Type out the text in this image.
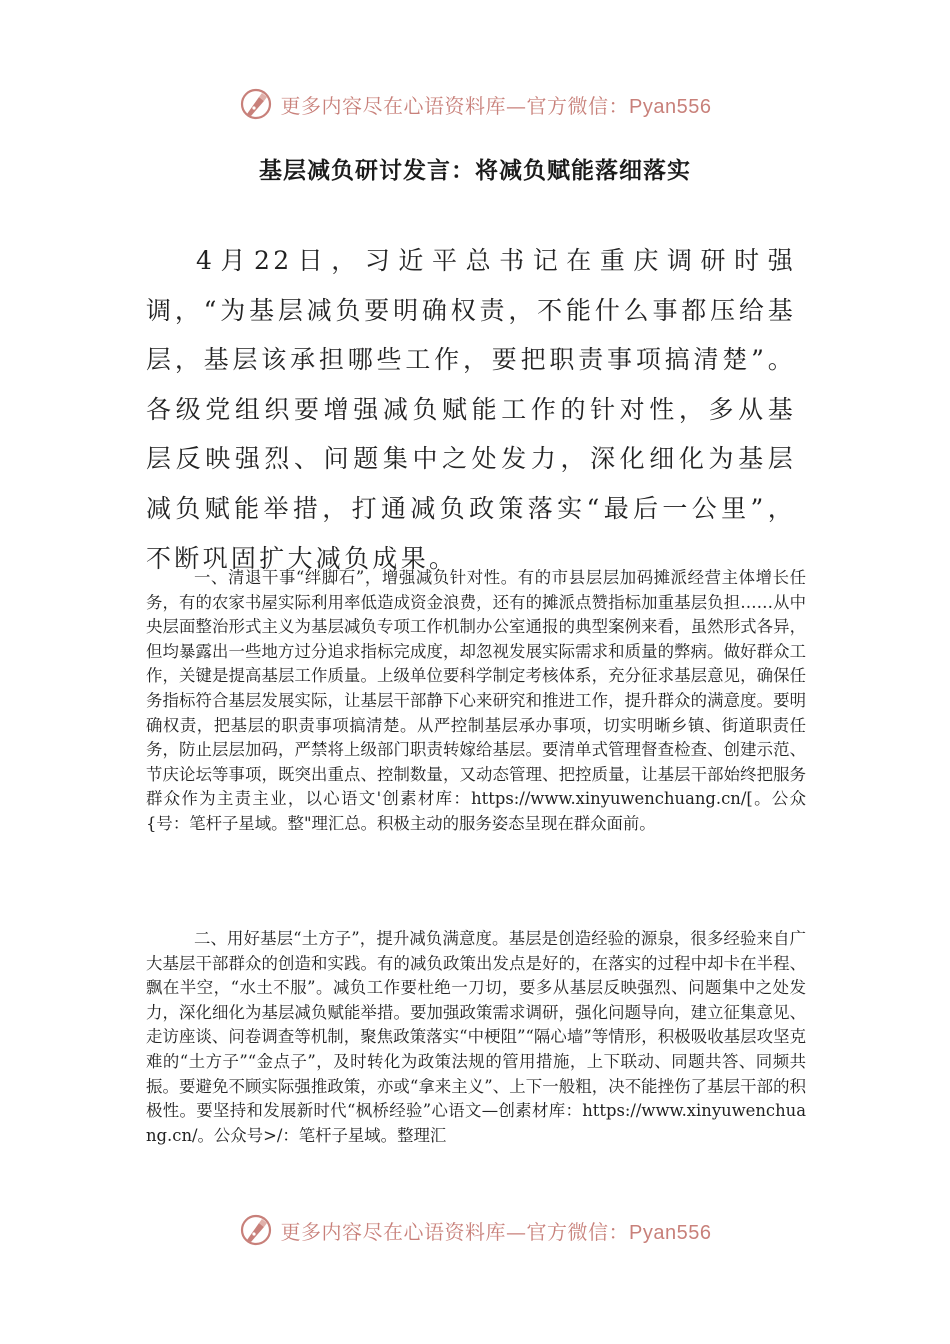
更多内容尽在心语资料库—官方微信：Pyan556
基层减负研讨发言：将减负赋能落细落实
4月22日，习近平总书记在重庆调研时强调，“为基层减负要明确权责，不能什么事都压给基层，基层该承担哪些工作，要把职责事项搞清楚”。各级党组织要增强减负赋能工作的针对性，多从基层反映强烈、问题集中之处发力，深化细化为基层减负赋能举措，打通减负政策落实“最后一公里”，不断巩固扩大减负成果。
一、清退干事“绊脚石”，增强减负针对性。有的市县层层加码摊派经营主体增长任务，有的农家书屋实际利用率低造成资金浪费，还有的摊派点赞指标加重基层负担……从中央层面整治形式主义为基层减负专项工作机制办公室通报的典型案例来看，虽然形式各异，但均暴露出一些地方过分追求指标完成度，却忽视发展实际需求和质量的弊病。做好群众工作，关键是提高基层工作质量。上级单位要科学制定考核体系，充分征求基层意见，确保任务指标符合基层发展实际，让基层干部静下心来研究和推进工作，提升群众的满意度。要明确权责，把基层的职责事项搞清楚。从严控制基层承办事项，切实明晰乡镇、街道职责任务，防止层层加码，严禁将上级部门职责转嫁给基层。要清单式管理督查检查、创建示范、节庆论坛等事项，既突出重点、控制数量，又动态管理、把控质量，让基层干部始终把服务群众作为主责主业，以心语文'创素材库：https://www.xinyuwenchuang.cn/[。公众{号：笔杆子星域。整"理汇总。积极主动的服务姿态呈现在群众面前。
二、用好基层“土方子”，提升减负满意度。基层是创造经验的源泉，很多经验来自广大基层干部群众的创造和实践。有的减负政策出发点是好的，在落实的过程中却卡在半程、飘在半空，“水土不服”。减负工作要杜绝一刀切，要多从基层反映强烈、问题集中之处发力，深化细化为基层减负赋能举措。要加强政策需求调研，强化问题导向，建立征集意见、走访座谈、问卷调查等机制，聚焦政策落实“中梗阻”“隔心墙”等情形，积极吸收基层攻坚克难的“土方子”“金点子”，及时转化为政策法规的管用措施，上下联动、同题共答、同频共振。要避免不顾实际强推政策，亦或“拿来主义”、上下一般粗，决不能挫伤了基层干部的积极性。要坚持和发展新时代“枫桥经验”心语文—创素材库：https://www.xinyuwenchuang.cn/。公众号>/：笔杆子星域。整理汇
更多内容尽在心语资料库—官方微信：Pyan556
